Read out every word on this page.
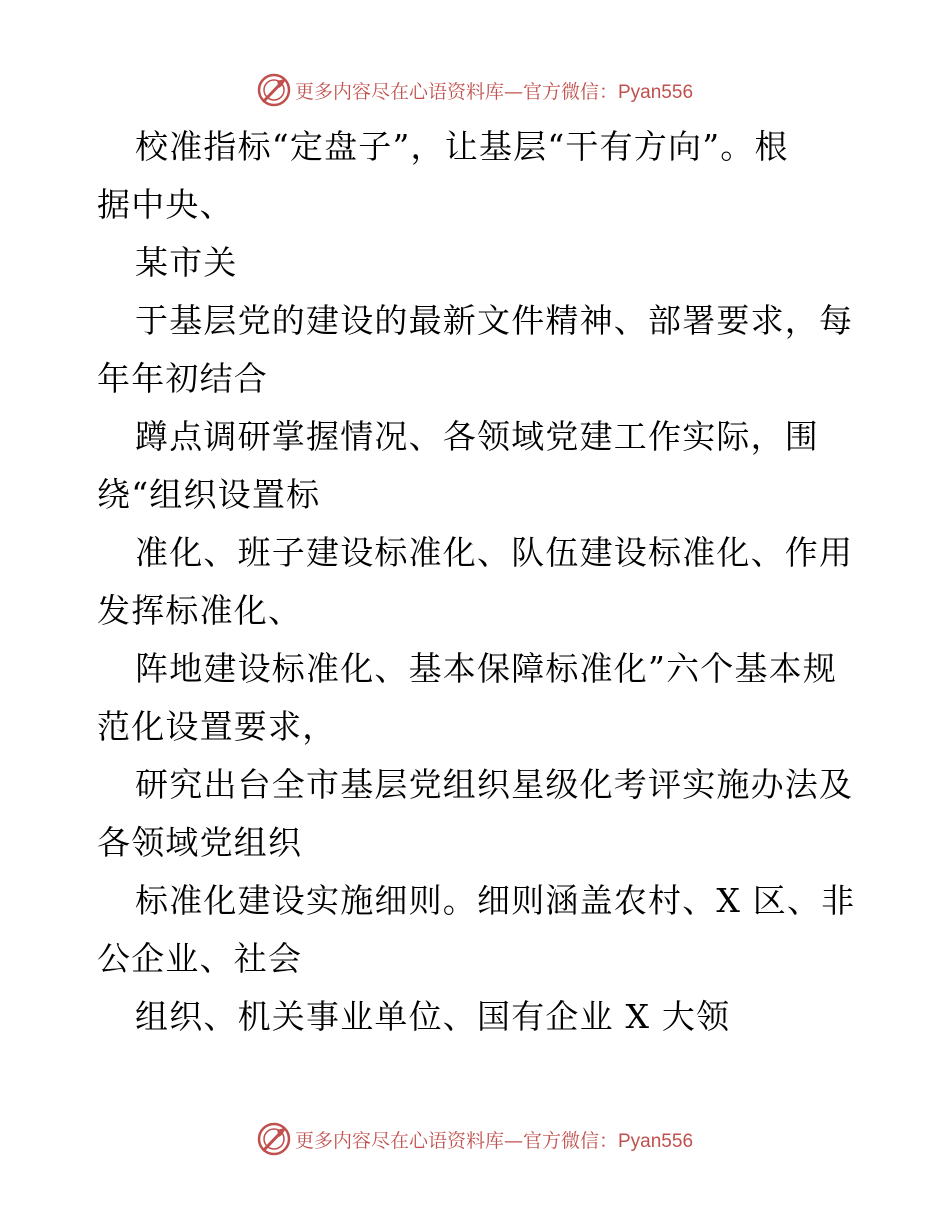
更多内容尽在心语资料库—官方微信：Pyan556
校准指标“定盘子”，让基层“干有方向”。根
据中央、
某市关
于基层党的建设的最新文件精神、部署要求，每
年年初结合
蹲点调研掌握情况、各领域党建工作实际，围
绕“组织设置标
准化、班子建设标准化、队伍建设标准化、作用
发挥标准化、
阵地建设标准化、基本保障标准化”六个基本规
范化设置要求，
研究出台全市基层党组织星级化考评实施办法及
各领域党组织
标准化建设实施细则。细则涵盖农村、X 区、非
公企业、社会
组织、机关事业单位、国有企业 X 大领
更多内容尽在心语资料库—官方微信：Pyan556
